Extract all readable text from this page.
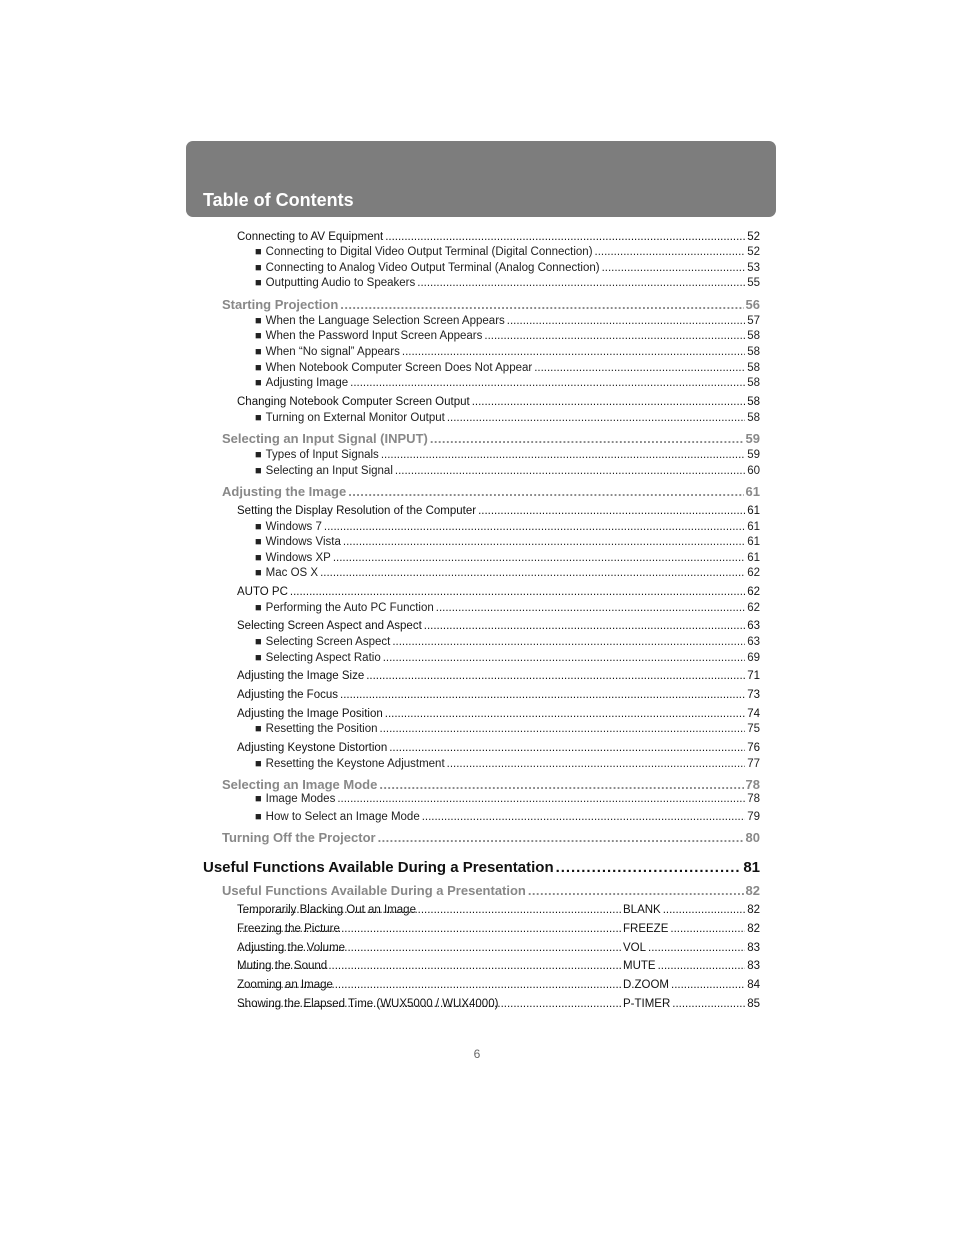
Table of Contents
Connecting to AV Equipment . . .	52
■ Connecting to Digital Video Output Terminal (Digital Connection) . . .	52
■ Connecting to Analog Video Output Terminal (Analog Connection) . . .	53
■ Outputting Audio to Speakers . . .	55
Starting Projection . . .	56
■ When the Language Selection Screen Appears . . .	57
■ When the Password Input Screen Appears . . .	58
■ When “No signal” Appears . . .	58
■ When Notebook Computer Screen Does Not Appear . . .	58
■ Adjusting Image . . .	58
Changing Notebook Computer Screen Output . . .	58
■ Turning on External Monitor Output . . .	58
Selecting an Input Signal (INPUT) . . .	59
■ Types of Input Signals . . .	59
■ Selecting an Input Signal . . .	60
Adjusting the Image . . .	61
Setting the Display Resolution of the Computer . . .	61
■ Windows 7 . . .	61
■ Windows Vista . . .	61
■ Windows XP . . .	61
■ Mac OS X . . .	62
AUTO PC . . .	62
■ Performing the Auto PC Function . . .	62
Selecting Screen Aspect and Aspect . . .	63
■ Selecting Screen Aspect . . .	63
■ Selecting Aspect Ratio . . .	69
Adjusting the Image Size . . .	71
Adjusting the Focus . . .	73
Adjusting the Image Position . . .	74
■ Resetting the Position . . .	75
Adjusting Keystone Distortion . . .	76
■ Resetting the Keystone Adjustment . . .	77
Selecting an Image Mode . . .	78
■ Image Modes . . .	78
■ How to Select an Image Mode . . .	79
Turning Off the Projector . . .	80
Useful Functions Available During a Presentation . . .	81
Useful Functions Available During a Presentation . . .	82
Temporarily Blacking Out an Image . . .	BLANK . . .	82
Freezing the Picture . . .	FREEZE . . .	82
Adjusting the Volume . . .	VOL . . .	83
Muting the Sound . . .	MUTE . . .	83
Zooming an Image . . .	D.ZOOM . . .	84
Showing the Elapsed Time (WUX5000 / WUX4000) . . .	P-TIMER . . .	85
6
